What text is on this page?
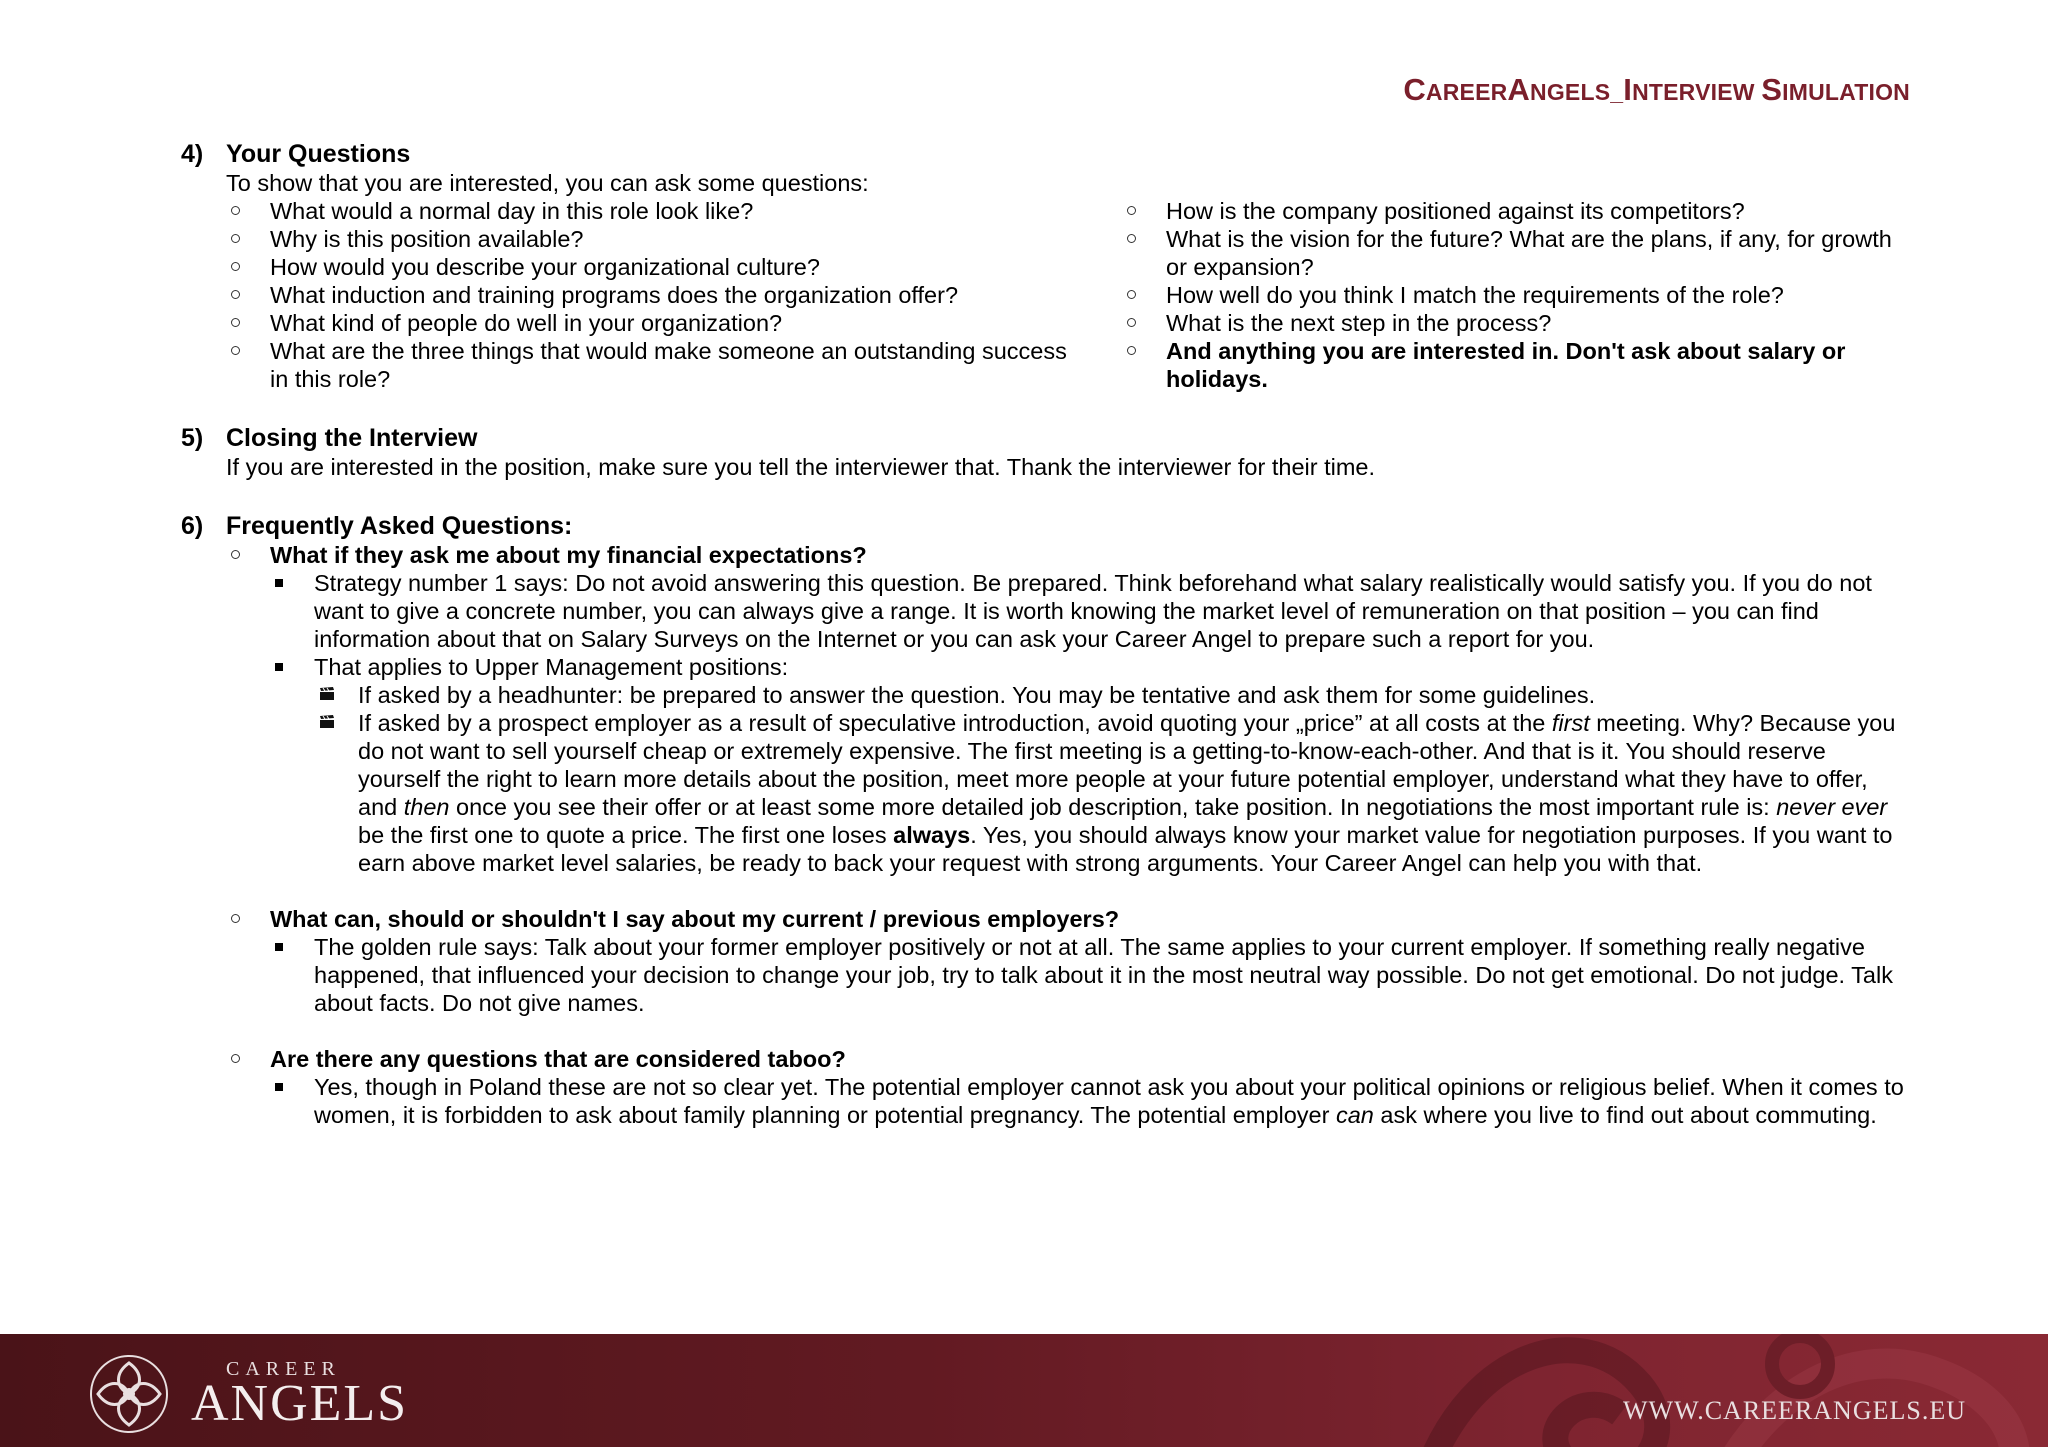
CAREERANGELS_INTERVIEW SIMULATION
4) Your Questions
To show that you are interested, you can ask some questions:
What would a normal day in this role look like?
Why is this position available?
How would you describe your organizational culture?
What induction and training programs does the organization offer?
What kind of people do well in your organization?
What are the three things that would make someone an outstanding success in this role?
How is the company positioned against its competitors?
What is the vision for the future? What are the plans, if any, for growth or expansion?
How well do you think I match the requirements of the role?
What is the next step in the process?
And anything you are interested in. Don't ask about salary or holidays.
5) Closing the Interview
If you are interested in the position, make sure you tell the interviewer that. Thank the interviewer for their time.
6) Frequently Asked Questions:
What if they ask me about my financial expectations?
Strategy number 1 says: Do not avoid answering this question. Be prepared. Think beforehand what salary realistically would satisfy you. If you do not want to give a concrete number, you can always give a range. It is worth knowing the market level of remuneration on that position – you can find information about that on Salary Surveys on the Internet or you can ask your Career Angel to prepare such a report for you.
That applies to Upper Management positions:
If asked by a headhunter: be prepared to answer the question. You may be tentative and ask them for some guidelines.
If asked by a prospect employer as a result of speculative introduction, avoid quoting your „price” at all costs at the first meeting. Why? Because you do not want to sell yourself cheap or extremely expensive. The first meeting is a getting-to-know-each-other. And that is it. You should reserve yourself the right to learn more details about the position, meet more people at your future potential employer, understand what they have to offer, and then once you see their offer or at least some more detailed job description, take position. In negotiations the most important rule is: never ever be the first one to quote a price. The first one loses always. Yes, you should always know your market value for negotiation purposes. If you want to earn above market level salaries, be ready to back your request with strong arguments. Your Career Angel can help you with that.
What can, should or shouldn't I say about my current / previous employers?
The golden rule says: Talk about your former employer positively or not at all. The same applies to your current employer. If something really negative happened, that influenced your decision to change your job, try to talk about it in the most neutral way possible. Do not get emotional. Do not judge. Talk about facts. Do not give names.
Are there any questions that are considered taboo?
Yes, though in Poland these are not so clear yet. The potential employer cannot ask you about your political opinions or religious belief. When it comes to women, it is forbidden to ask about family planning or potential pregnancy. The potential employer can ask where you live to find out about commuting.
CAREER
ANGELS	WWW.CAREERANGELS.EU
